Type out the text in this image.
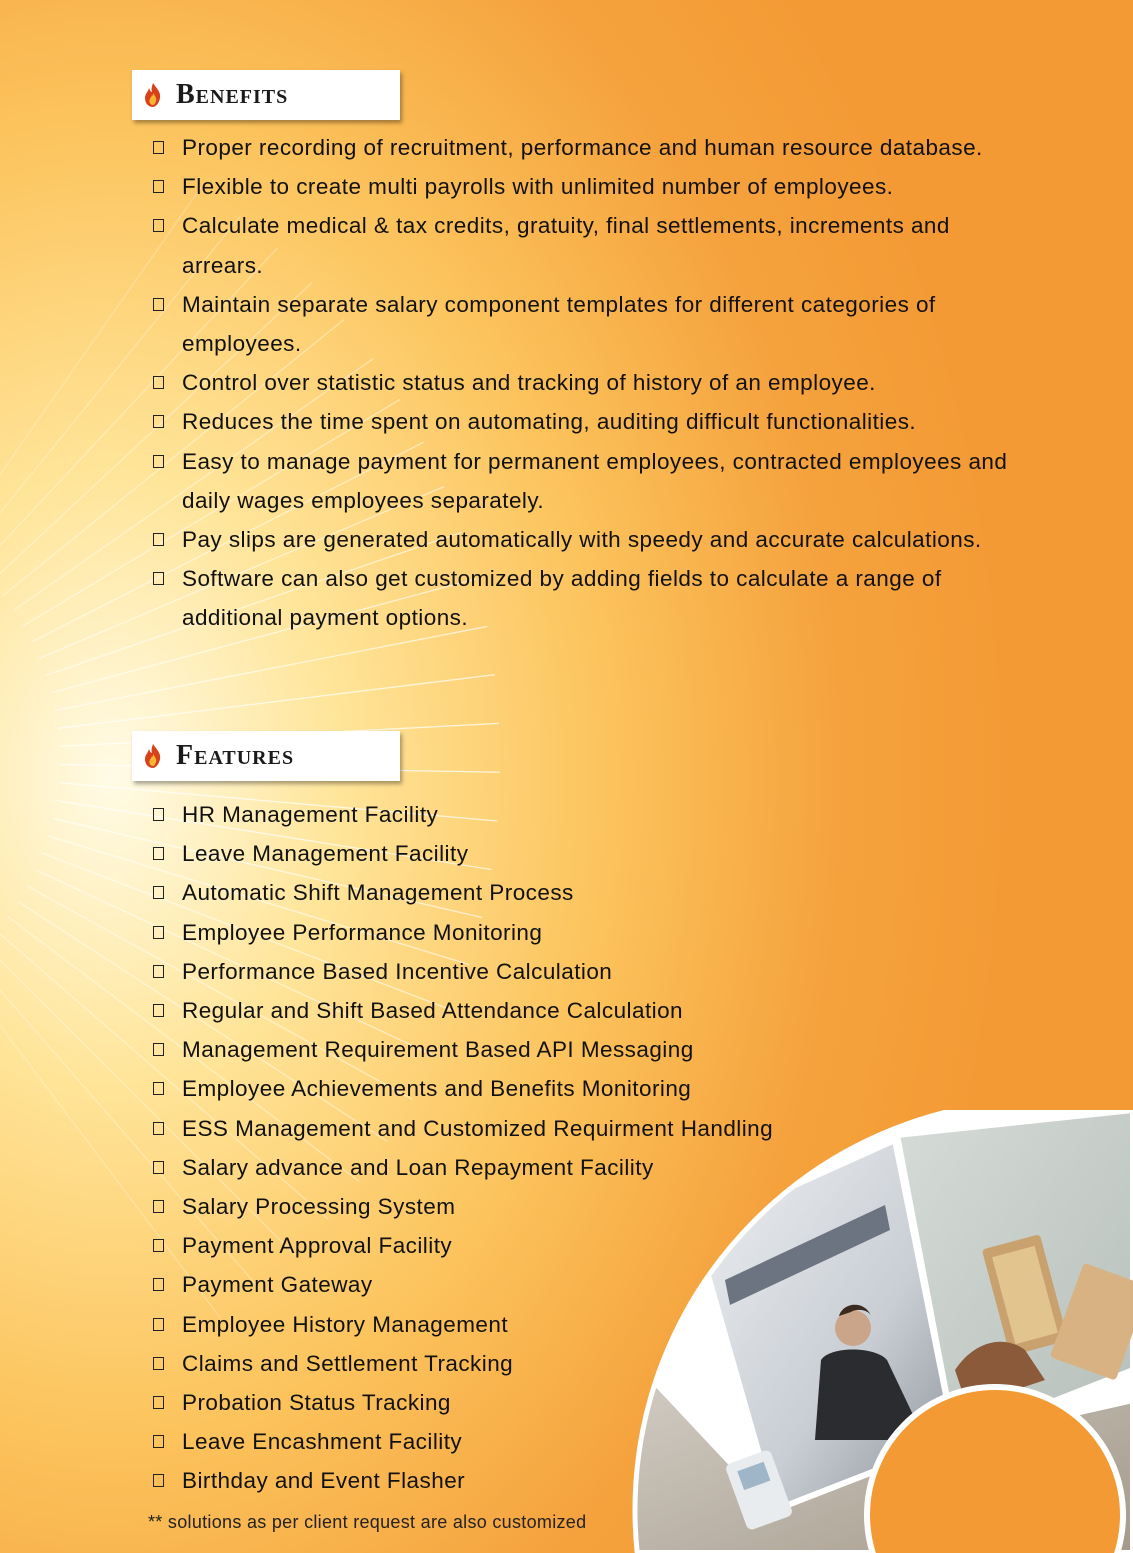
Benefits
Proper recording of recruitment, performance and human resource database.
Flexible to create multi payrolls with unlimited number of employees.
Calculate medical & tax credits, gratuity, final settlements, increments and arrears.
Maintain separate salary component templates for different categories of employees.
Control over statistic status and tracking of history of an employee.
Reduces the time spent on automating, auditing difficult functionalities.
Easy to manage payment for permanent employees, contracted employees and daily wages employees separately.
Pay slips are generated automatically with speedy and accurate calculations.
Software can also get customized by adding fields to calculate a range of additional payment options.
Features
HR Management Facility
Leave Management Facility
Automatic Shift Management Process
Employee Performance Monitoring
Performance Based Incentive Calculation
Regular and Shift Based Attendance Calculation
Management Requirement Based API Messaging
Employee Achievements and Benefits Monitoring
ESS Management and Customized Requirment Handling
Salary advance and Loan Repayment Facility
Salary Processing System
Payment Approval Facility
Payment Gateway
Employee History Management
Claims and Settlement Tracking
Probation Status Tracking
Leave Encashment Facility
Birthday and Event Flasher
** solutions as per client request are also customized
